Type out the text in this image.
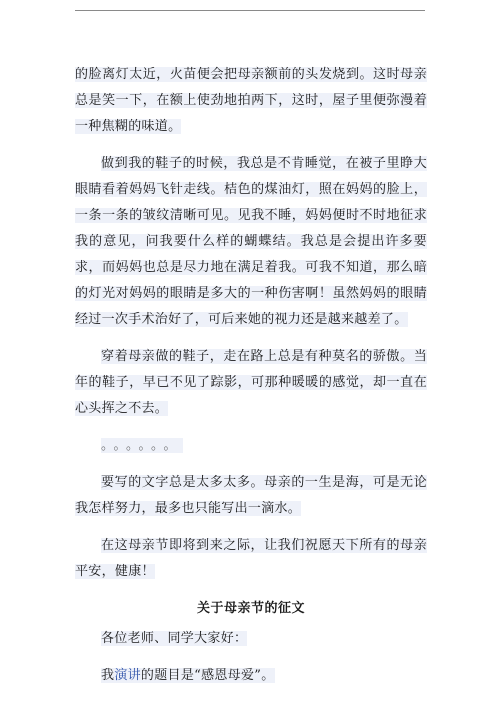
的脸离灯太近，火苗便会把母亲额前的头发烧到。这时母亲总是笑一下，在额上使劲地拍两下，这时，屋子里便弥漫着一种焦糊的味道。

做到我的鞋子的时候，我总是不肯睡觉，在被子里睁大眼睛看着妈妈飞针走线。桔色的煤油灯，照在妈妈的脸上，一条一条的皱纹清晰可见。见我不睡，妈妈便时不时地征求我的意见，问我要什么样的蝴蝶结。我总是会提出许多要求，而妈妈也总是尽力地在满足着我。可我不知道，那么暗的灯光对妈妈的眼睛是多大的一种伤害啊！虽然妈妈的眼睛经过一次手术治好了，可后来她的视力还是越来越差了。

穿着母亲做的鞋子，走在路上总是有种莫名的骄傲。当年的鞋子，早已不见了踪影，可那种暖暖的感觉，却一直在心头挥之不去。

。。。。。。

要写的文字总是太多太多。母亲的一生是海，可是无论我怎样努力，最多也只能写出一滴水。

在这母亲节即将到来之际，让我们祝愿天下所有的母亲平安，健康！

关于母亲节的征文

各位老师、同学大家好：

我演讲的题目是“感恩母爱”。
